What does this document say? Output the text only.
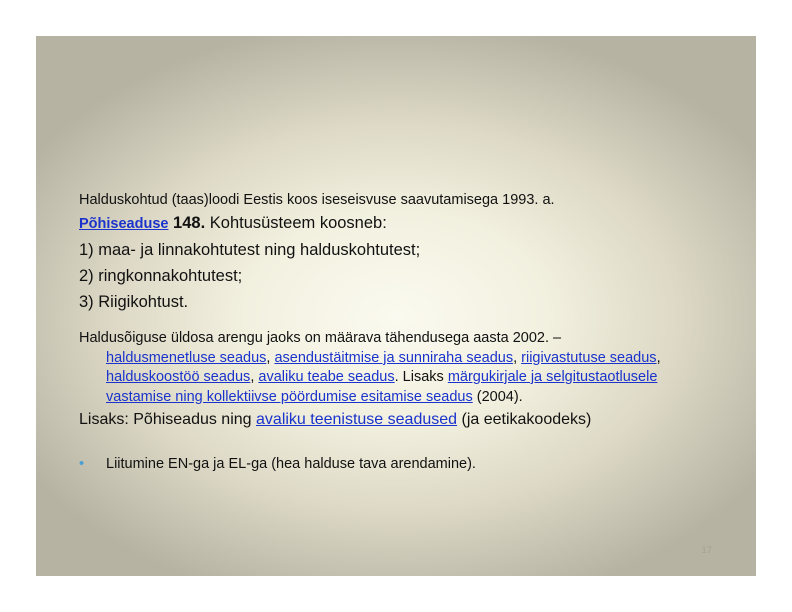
Halduskohtud (taas)loodi Eestis koos iseseisvuse saavutamisega 1993. a.
Põhiseaduse 148. Kohtusüsteem koosneb:
1) maa- ja linnakohtutest ning halduskohtutest;
2) ringkonnakohtutest;
3) Riigikohtust.
Haldusõiguse üldosa arengu jaoks on määrava tähendusega aasta 2002. –
haldusmenetluse seadus, asendustäitmise ja sunniraha seadus, riigivastutuse seadus, halduskoostöö seadus, avaliku teabe seadus. Lisaks märgukirjale ja selgitustaotlusele vastamise ning kollektiivse pöördumise esitamise seadus (2004).
Lisaks: Põhiseadus ning avaliku teenistuse seadused (ja eetikakoodeks)
•	Liitumine EN-ga ja EL-ga (hea halduse tava arendamine).
17
